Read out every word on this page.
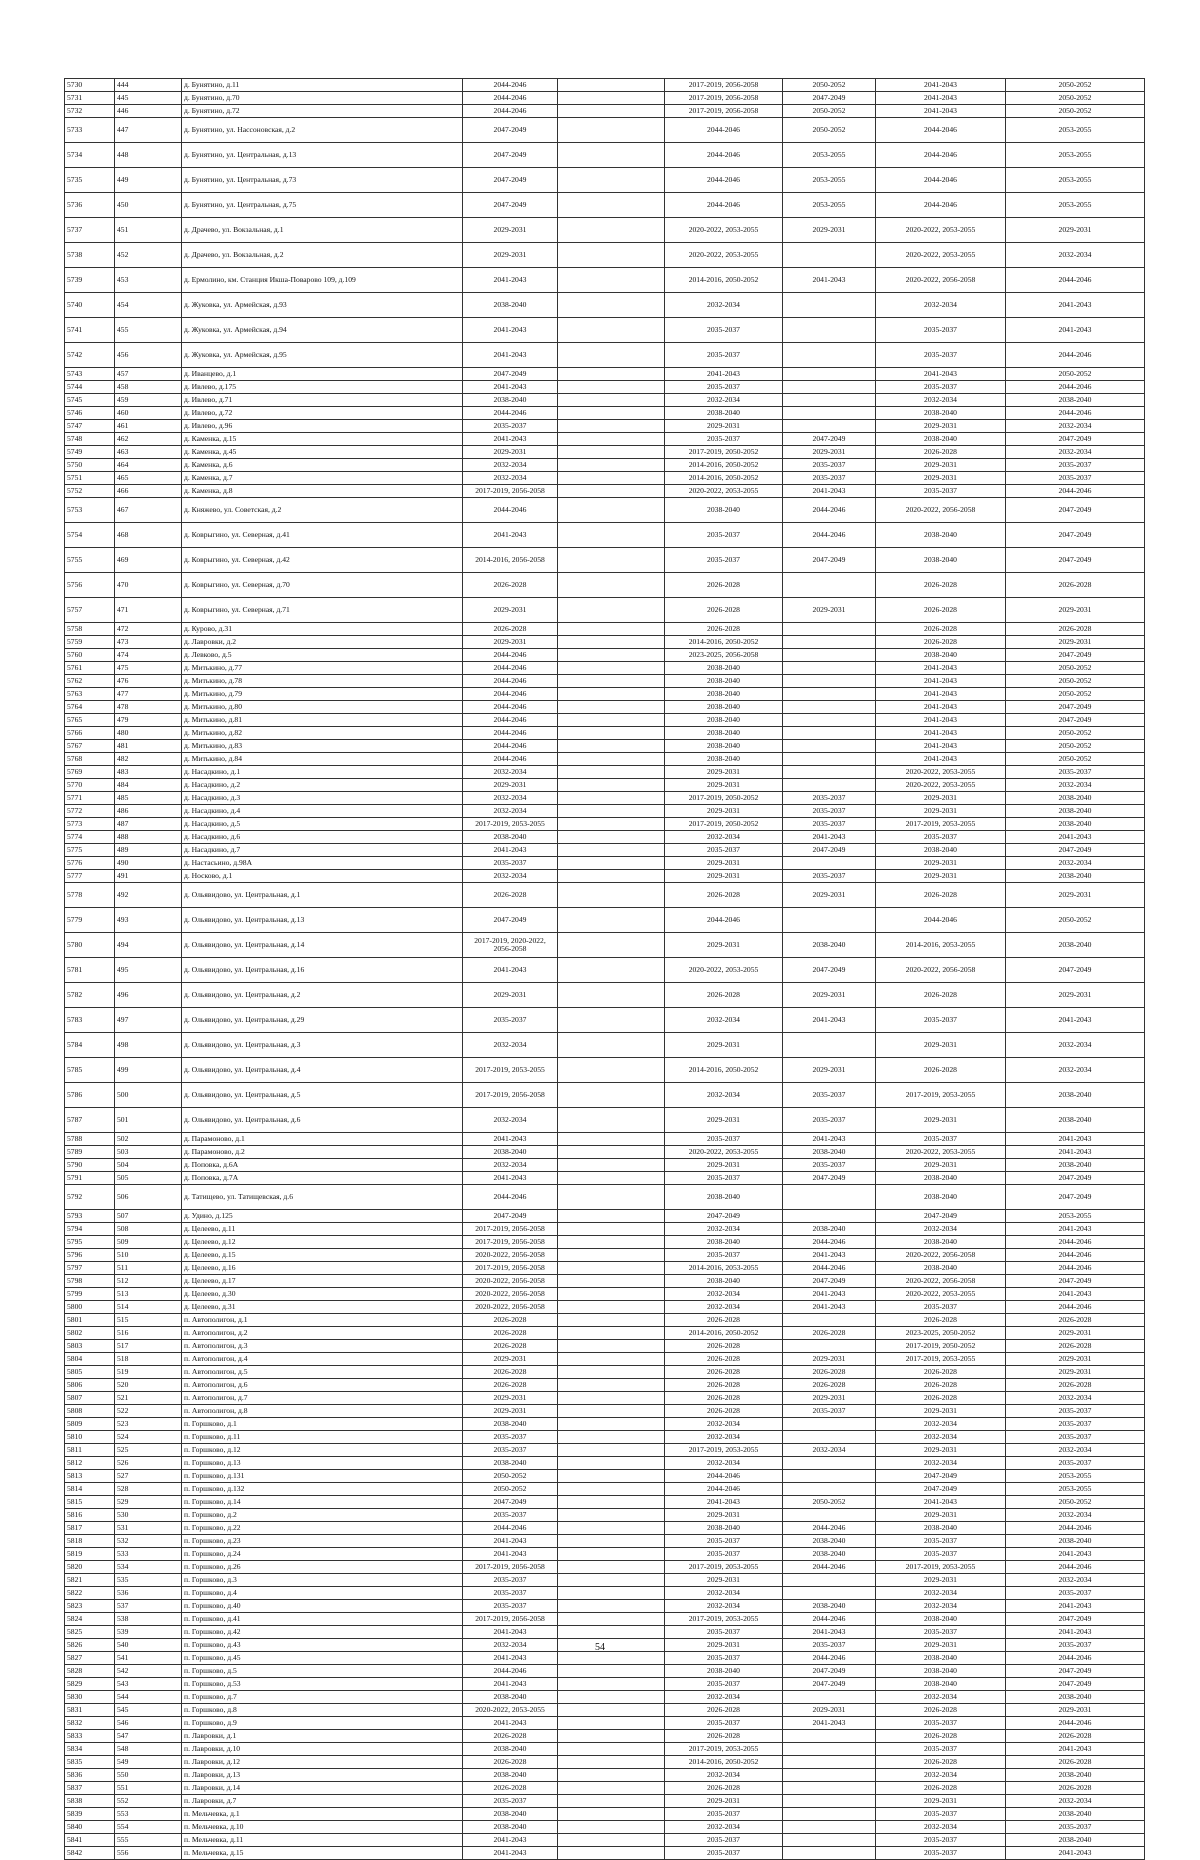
5730	444	д. Бунятино, д.11	2044-2046		2017-2019, 2056-2058	2050-2052	2041-2043	2050-2052
5731	445	д. Бунятино, д.70	2044-2046		2017-2019, 2056-2058	2047-2049	2041-2043	2050-2052
5732	446	д. Бунятино, д.72	2044-2046		2017-2019, 2056-2058	2050-2052	2041-2043	2050-2052
5733	447	д. Бунятино, ул. Нассоновская, д.2	2047-2049		2044-2046	2050-2052	2044-2046	2053-2055
5734	448	д. Бунятино, ул. Центральная, д.13	2047-2049		2044-2046	2053-2055	2044-2046	2053-2055
5735	449	д. Бунятино, ул. Центральная, д.73	2047-2049		2044-2046	2053-2055	2044-2046	2053-2055
5736	450	д. Бунятино, ул. Центральная, д.75	2047-2049		2044-2046	2053-2055	2044-2046	2053-2055
5737	451	д. Драчево, ул. Вокзальная, д.1	2029-2031		2020-2022, 2053-2055	2029-2031	2020-2022, 2053-2055	2029-2031
5738	452	д. Драчево, ул. Вокзальная, д.2	2029-2031		2020-2022, 2053-2055		2020-2022, 2053-2055	2032-2034
5739	453	д. Ермолино, км. Станция Икша-Поварово 109, д.109	2041-2043		2014-2016, 2050-2052	2041-2043	2020-2022, 2056-2058	2044-2046
5740	454	д. Жуковка, ул. Армейская, д.93	2038-2040		2032-2034		2032-2034	2041-2043
5741	455	д. Жуковка, ул. Армейская, д.94	2041-2043		2035-2037		2035-2037	2041-2043
5742	456	д. Жуковка, ул. Армейская, д.95	2041-2043		2035-2037		2035-2037	2044-2046
5743	457	д. Иванцево, д.1	2047-2049		2041-2043		2041-2043	2050-2052
5744	458	д. Ивлево, д.175	2041-2043		2035-2037		2035-2037	2044-2046
5745	459	д. Ивлево, д.71	2038-2040		2032-2034		2032-2034	2038-2040
5746	460	д. Ивлево, д.72	2044-2046		2038-2040		2038-2040	2044-2046
5747	461	д. Ивлево, д.96	2035-2037		2029-2031		2029-2031	2032-2034
5748	462	д. Каменка, д.15	2041-2043		2035-2037	2047-2049	2038-2040	2047-2049
5749	463	д. Каменка, д.45	2029-2031		2017-2019, 2050-2052	2029-2031	2026-2028	2032-2034
5750	464	д. Каменка, д.6	2032-2034		2014-2016, 2050-2052	2035-2037	2029-2031	2035-2037
5751	465	д. Каменка, д.7	2032-2034		2014-2016, 2050-2052	2035-2037	2029-2031	2035-2037
5752	466	д. Каменка, д.8	2017-2019, 2056-2058		2020-2022, 2053-2055	2041-2043	2035-2037	2044-2046
5753	467	д. Княжево, ул. Советская, д.2	2044-2046		2038-2040	2044-2046	2020-2022, 2056-2058	2047-2049
5754	468	д. Коврыгино, ул. Северная, д.41	2041-2043		2035-2037	2044-2046	2038-2040	2047-2049
5755	469	д. Коврыгино, ул. Северная, д.42	2014-2016, 2056-2058		2035-2037	2047-2049	2038-2040	2047-2049
5756	470	д. Коврыгино, ул. Северная, д.70	2026-2028		2026-2028		2026-2028	2026-2028
5757	471	д. Коврыгино, ул. Северная, д.71	2029-2031		2026-2028	2029-2031	2026-2028	2029-2031
5758	472	д. Курово, д.31	2026-2028		2026-2028		2026-2028	2026-2028
5759	473	д. Лавровки, д.2	2029-2031		2014-2016, 2050-2052		2026-2028	2029-2031
5760	474	д. Левково, д.5	2044-2046		2023-2025, 2056-2058		2038-2040	2047-2049
5761	475	д. Митькино, д.77	2044-2046		2038-2040		2041-2043	2050-2052
5762	476	д. Митькино, д.78	2044-2046		2038-2040		2041-2043	2050-2052
5763	477	д. Митькино, д.79	2044-2046		2038-2040		2041-2043	2050-2052
5764	478	д. Митькино, д.80	2044-2046		2038-2040		2041-2043	2047-2049
5765	479	д. Митькино, д.81	2044-2046		2038-2040		2041-2043	2047-2049
5766	480	д. Митькино, д.82	2044-2046		2038-2040		2041-2043	2050-2052
5767	481	д. Митькино, д.83	2044-2046		2038-2040		2041-2043	2050-2052
5768	482	д. Митькино, д.84	2044-2046		2038-2040		2041-2043	2050-2052
5769	483	д. Насадкино, д.1	2032-2034		2029-2031		2020-2022, 2053-2055	2035-2037
5770	484	д. Насадкино, д.2	2029-2031		2029-2031		2020-2022, 2053-2055	2032-2034
5771	485	д. Насадкино, д.3	2032-2034		2017-2019, 2050-2052	2035-2037	2029-2031	2038-2040
5772	486	д. Насадкино, д.4	2032-2034		2029-2031	2035-2037	2029-2031	2038-2040
5773	487	д. Насадкино, д.5	2017-2019, 2053-2055		2017-2019, 2050-2052	2035-2037	2017-2019, 2053-2055	2038-2040
5774	488	д. Насадкино, д.6	2038-2040		2032-2034	2041-2043	2035-2037	2041-2043
5775	489	д. Насадкино, д.7	2041-2043		2035-2037	2047-2049	2038-2040	2047-2049
5776	490	д. Настасьино, д.98А	2035-2037		2029-2031		2029-2031	2032-2034
5777	491	д. Носково, д.1	2032-2034		2029-2031	2035-2037	2029-2031	2038-2040
5778	492	д. Ольявидово, ул. Центральная, д.1	2026-2028		2026-2028	2029-2031	2026-2028	2029-2031
5779	493	д. Ольявидово, ул. Центральная, д.13	2047-2049		2044-2046		2044-2046	2050-2052
5780	494	д. Ольявидово, ул. Центральная, д.14	2017-2019, 2020-2022, 2056-2058		2029-2031	2038-2040	2014-2016, 2053-2055	2038-2040
5781	495	д. Ольявидово, ул. Центральная, д.16	2041-2043		2020-2022, 2053-2055	2047-2049	2020-2022, 2056-2058	2047-2049
5782	496	д. Ольявидово, ул. Центральная, д.2	2029-2031		2026-2028	2029-2031	2026-2028	2029-2031
5783	497	д. Ольявидово, ул. Центральная, д.29	2035-2037		2032-2034	2041-2043	2035-2037	2041-2043
5784	498	д. Ольявидово, ул. Центральная, д.3	2032-2034		2029-2031		2029-2031	2032-2034
5785	499	д. Ольявидово, ул. Центральная, д.4	2017-2019, 2053-2055		2014-2016, 2050-2052	2029-2031	2026-2028	2032-2034
5786	500	д. Ольявидово, ул. Центральная, д.5	2017-2019, 2056-2058		2032-2034	2035-2037	2017-2019, 2053-2055	2038-2040
5787	501	д. Ольявидово, ул. Центральная, д.6	2032-2034		2029-2031	2035-2037	2029-2031	2038-2040
5788	502	д. Парамоново, д.1	2041-2043		2035-2037	2041-2043	2035-2037	2041-2043
5789	503	д. Парамоново, д.2	2038-2040		2020-2022, 2053-2055	2038-2040	2020-2022, 2053-2055	2041-2043
5790	504	д. Поповка, д.6А	2032-2034		2029-2031	2035-2037	2029-2031	2038-2040
5791	505	д. Поповка, д.7А	2041-2043		2035-2037	2047-2049	2038-2040	2047-2049
5792	506	д. Татищево, ул. Татищевская, д.6	2044-2046		2038-2040		2038-2040	2047-2049
5793	507	д. Удино, д.125	2047-2049		2047-2049		2047-2049	2053-2055
5794	508	д. Целеево, д.11	2017-2019, 2056-2058		2032-2034	2038-2040	2032-2034	2041-2043
5795	509	д. Целеево, д.12	2017-2019, 2056-2058		2038-2040	2044-2046	2038-2040	2044-2046
5796	510	д. Целеево, д.15	2020-2022, 2056-2058		2035-2037	2041-2043	2020-2022, 2056-2058	2044-2046
5797	511	д. Целеево, д.16	2017-2019, 2056-2058		2014-2016, 2053-2055	2044-2046	2038-2040	2044-2046
5798	512	д. Целеево, д.17	2020-2022, 2056-2058		2038-2040	2047-2049	2020-2022, 2056-2058	2047-2049
5799	513	д. Целеево, д.30	2020-2022, 2056-2058		2032-2034	2041-2043	2020-2022, 2053-2055	2041-2043
5800	514	д. Целеево, д.31	2020-2022, 2056-2058		2032-2034	2041-2043	2035-2037	2044-2046
5801	515	п. Автополигон, д.1	2026-2028		2026-2028		2026-2028	2026-2028
5802	516	п. Автополигон, д.2	2026-2028		2014-2016, 2050-2052	2026-2028	2023-2025, 2050-2052	2029-2031
5803	517	п. Автополигон, д.3	2026-2028		2026-2028		2017-2019, 2050-2052	2026-2028
5804	518	п. Автополигон, д.4	2029-2031		2026-2028	2029-2031	2017-2019, 2053-2055	2029-2031
5805	519	п. Автополигон, д.5	2026-2028		2026-2028	2026-2028	2026-2028	2029-2031
5806	520	п. Автополигон, д.6	2026-2028		2026-2028	2026-2028	2026-2028	2026-2028
5807	521	п. Автополигон, д.7	2029-2031		2026-2028	2029-2031	2026-2028	2032-2034
5808	522	п. Автополигон, д.8	2029-2031		2026-2028	2035-2037	2029-2031	2035-2037
5809	523	п. Горшково, д.1	2038-2040		2032-2034		2032-2034	2035-2037
5810	524	п. Горшково, д.11	2035-2037		2032-2034		2032-2034	2035-2037
5811	525	п. Горшково, д.12	2035-2037		2017-2019, 2053-2055	2032-2034	2029-2031	2032-2034
5812	526	п. Горшково, д.13	2038-2040		2032-2034		2032-2034	2035-2037
5813	527	п. Горшково, д.131	2050-2052		2044-2046		2047-2049	2053-2055
5814	528	п. Горшково, д.132	2050-2052		2044-2046		2047-2049	2053-2055
5815	529	п. Горшково, д.14	2047-2049		2041-2043	2050-2052	2041-2043	2050-2052
5816	530	п. Горшково, д.2	2035-2037		2029-2031		2029-2031	2032-2034
5817	531	п. Горшково, д.22	2044-2046		2038-2040	2044-2046	2038-2040	2044-2046
5818	532	п. Горшково, д.23	2041-2043		2035-2037	2038-2040	2035-2037	2038-2040
5819	533	п. Горшково, д.24	2041-2043		2035-2037	2038-2040	2035-2037	2041-2043
5820	534	п. Горшково, д.26	2017-2019, 2056-2058		2017-2019, 2053-2055	2044-2046	2017-2019, 2053-2055	2044-2046
5821	535	п. Горшково, д.3	2035-2037		2029-2031		2029-2031	2032-2034
5822	536	п. Горшково, д.4	2035-2037		2032-2034		2032-2034	2035-2037
5823	537	п. Горшково, д.40	2035-2037		2032-2034	2038-2040	2032-2034	2041-2043
5824	538	п. Горшково, д.41	2017-2019, 2056-2058		2017-2019, 2053-2055	2044-2046	2038-2040	2047-2049
5825	539	п. Горшково, д.42	2041-2043		2035-2037	2041-2043	2035-2037	2041-2043
5826	540	п. Горшково, д.43	2032-2034		2029-2031	2035-2037	2029-2031	2035-2037
5827	541	п. Горшково, д.45	2041-2043		2035-2037	2044-2046	2038-2040	2044-2046
5828	542	п. Горшково, д.5	2044-2046		2038-2040	2047-2049	2038-2040	2047-2049
5829	543	п. Горшково, д.53	2041-2043		2035-2037	2047-2049	2038-2040	2047-2049
5830	544	п. Горшково, д.7	2038-2040		2032-2034		2032-2034	2038-2040
5831	545	п. Горшково, д.8	2020-2022, 2053-2055		2026-2028	2029-2031	2026-2028	2029-2031
5832	546	п. Горшково, д.9	2041-2043		2035-2037	2041-2043	2035-2037	2044-2046
5833	547	п. Лавровки, д.1	2026-2028		2026-2028		2026-2028	2026-2028
5834	548	п. Лавровки, д.10	2038-2040		2017-2019, 2053-2055		2035-2037	2041-2043
5835	549	п. Лавровки, д.12	2026-2028		2014-2016, 2050-2052		2026-2028	2026-2028
5836	550	п. Лавровки, д.13	2038-2040		2032-2034		2032-2034	2038-2040
5837	551	п. Лавровки, д.14	2026-2028		2026-2028		2026-2028	2026-2028
5838	552	п. Лавровки, д.7	2035-2037		2029-2031		2029-2031	2032-2034
5839	553	п. Мельчевка, д.1	2038-2040		2035-2037		2035-2037	2038-2040
5840	554	п. Мельчевка, д.10	2038-2040		2032-2034		2032-2034	2035-2037
5841	555	п. Мельчевка, д.11	2041-2043		2035-2037		2035-2037	2038-2040
5842	556	п. Мельчевка, д.15	2041-2043		2035-2037		2035-2037	2041-2043
54
